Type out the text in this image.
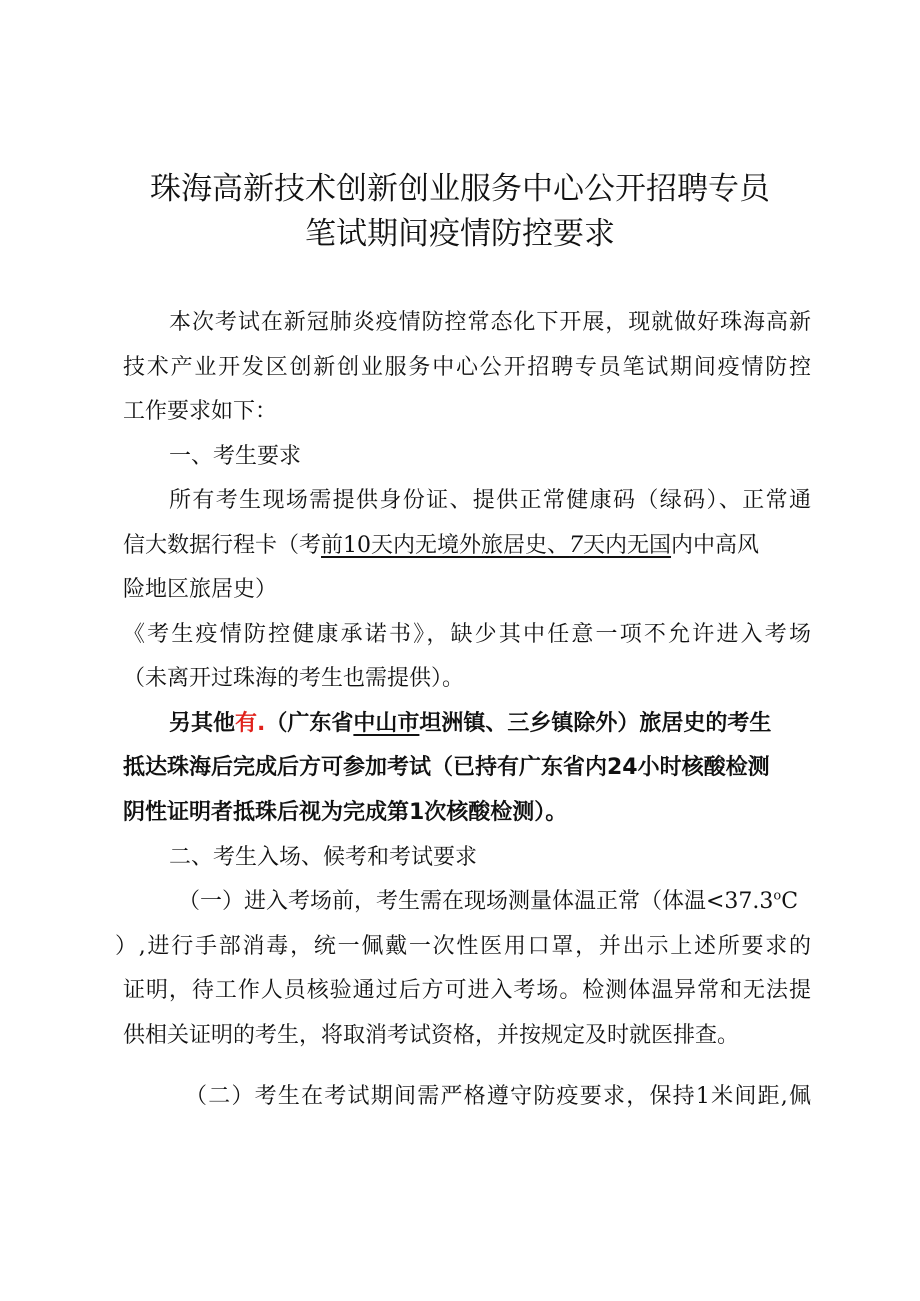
珠海高新技术创新创业服务中心公开招聘专员
笔试期间疫情防控要求
本次考试在新冠肺炎疫情防控常态化下开展，现就做好珠海高新
技术产业开发区创新创业服务中心公开招聘专员笔试期间疫情防控
工作要求如下：
一、考生要求
所有考生现场需提供身份证、提供正常健康码（绿码）、正常通
信大数据行程卡（考前10天内无境外旅居史、7天内无国内中高风
险地区旅居史）
《考生疫情防控健康承诺书》，缺少其中任意一项不允许进入考场
（未离开过珠海的考生也需提供）。
另其他有.（广东省中山市坦洲镇、三乡镇除外）旅居史的考生
抵达珠海后完成后方可参加考试（已持有广东省内24小时核酸检测
阴性证明者抵珠后视为完成第1次核酸检测）。
二、考生入场、候考和考试要求
（一）进入考场前，考生需在现场测量体温正常（体温$<37.3^oC$
）,进行手部消毒，统一佩戴一次性医用口罩，并出示上述所要求的
证明，待工作人员核验通过后方可进入考场。检测体温异常和无法提
供相关证明的考生，将取消考试资格，并按规定及时就医排查。
（二）考生在考试期间需严格遵守防疫要求，保持1米间距,佩
